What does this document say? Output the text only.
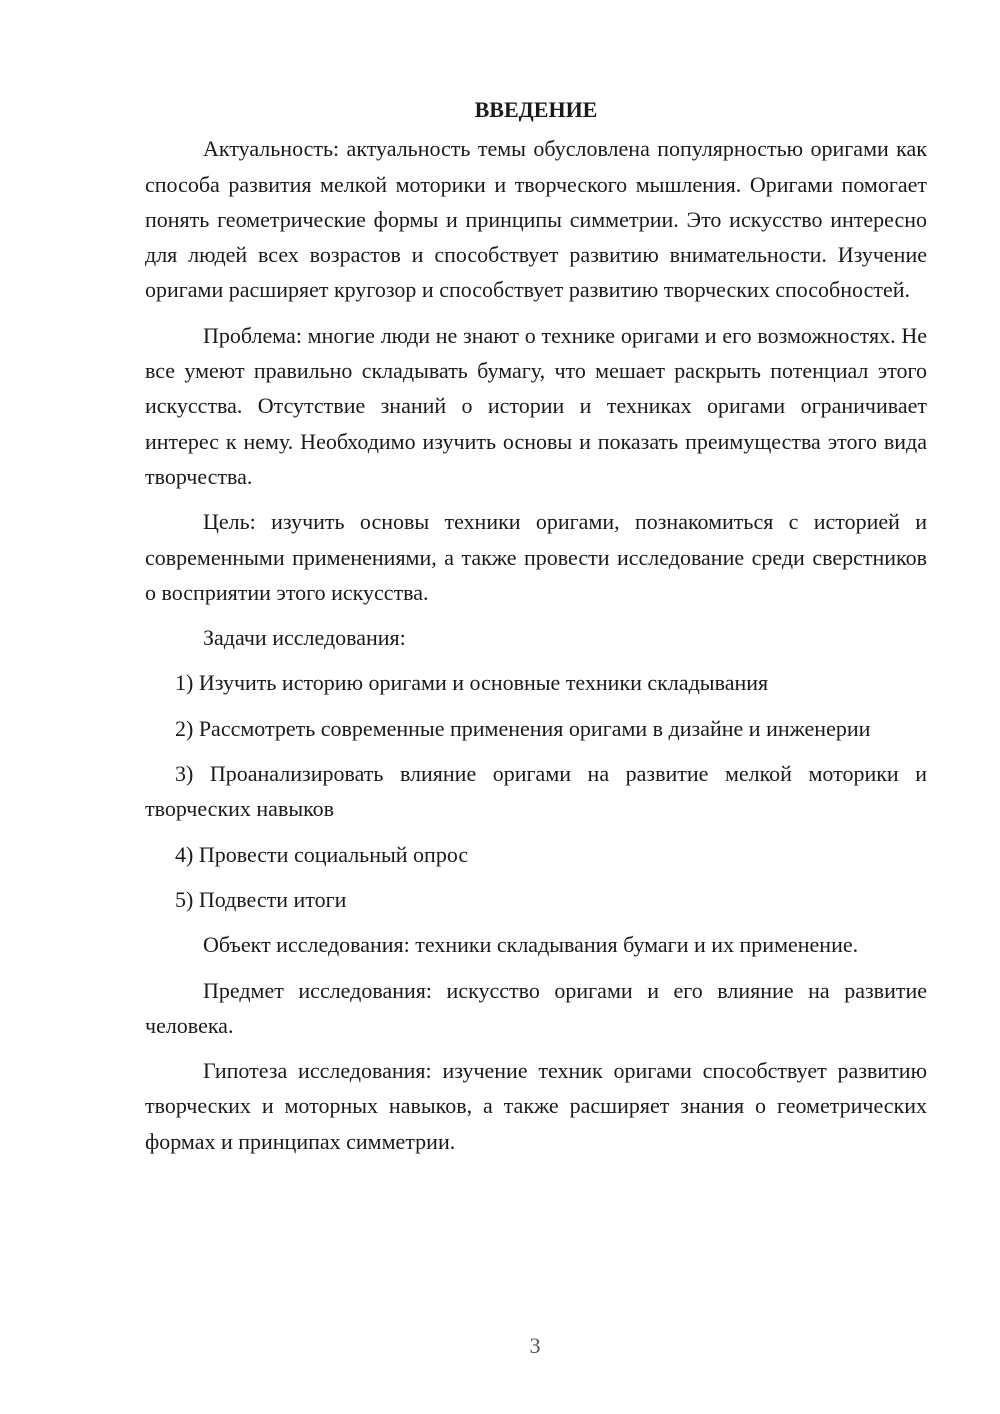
ВВЕДЕНИЕ

Актуальность: актуальность темы обусловлена популярностью оригами как способа развития мелкой моторики и творческого мышления. Оригами помогает понять геометрические формы и принципы симметрии. Это искусство интересно для людей всех возрастов и способствует развитию внимательности. Изучение оригами расширяет кругозор и способствует развитию творческих способностей.

Проблема: многие люди не знают о технике оригами и его возможностях. Не все умеют правильно складывать бумагу, что мешает раскрыть потенциал этого искусства. Отсутствие знаний о истории и техниках оригами ограничивает интерес к нему. Необходимо изучить основы и показать преимущества этого вида творчества.

Цель: изучить основы техники оригами, познакомиться с историей и современными применениями, а также провести исследование среди сверстников о восприятии этого искусства.

Задачи исследования:

1) Изучить историю оригами и основные техники складывания

2) Рассмотреть современные применения оригами в дизайне и инженерии

3) Проанализировать влияние оригами на развитие мелкой моторики и творческих навыков

4) Провести социальный опрос

5) Подвести итоги

Объект исследования: техники складывания бумаги и их применение.

Предмет исследования: искусство оригами и его влияние на развитие человека.

Гипотеза исследования: изучение техник оригами способствует развитию творческих и моторных навыков, а также расширяет знания о геометрических формах и принципах симметрии.

3
